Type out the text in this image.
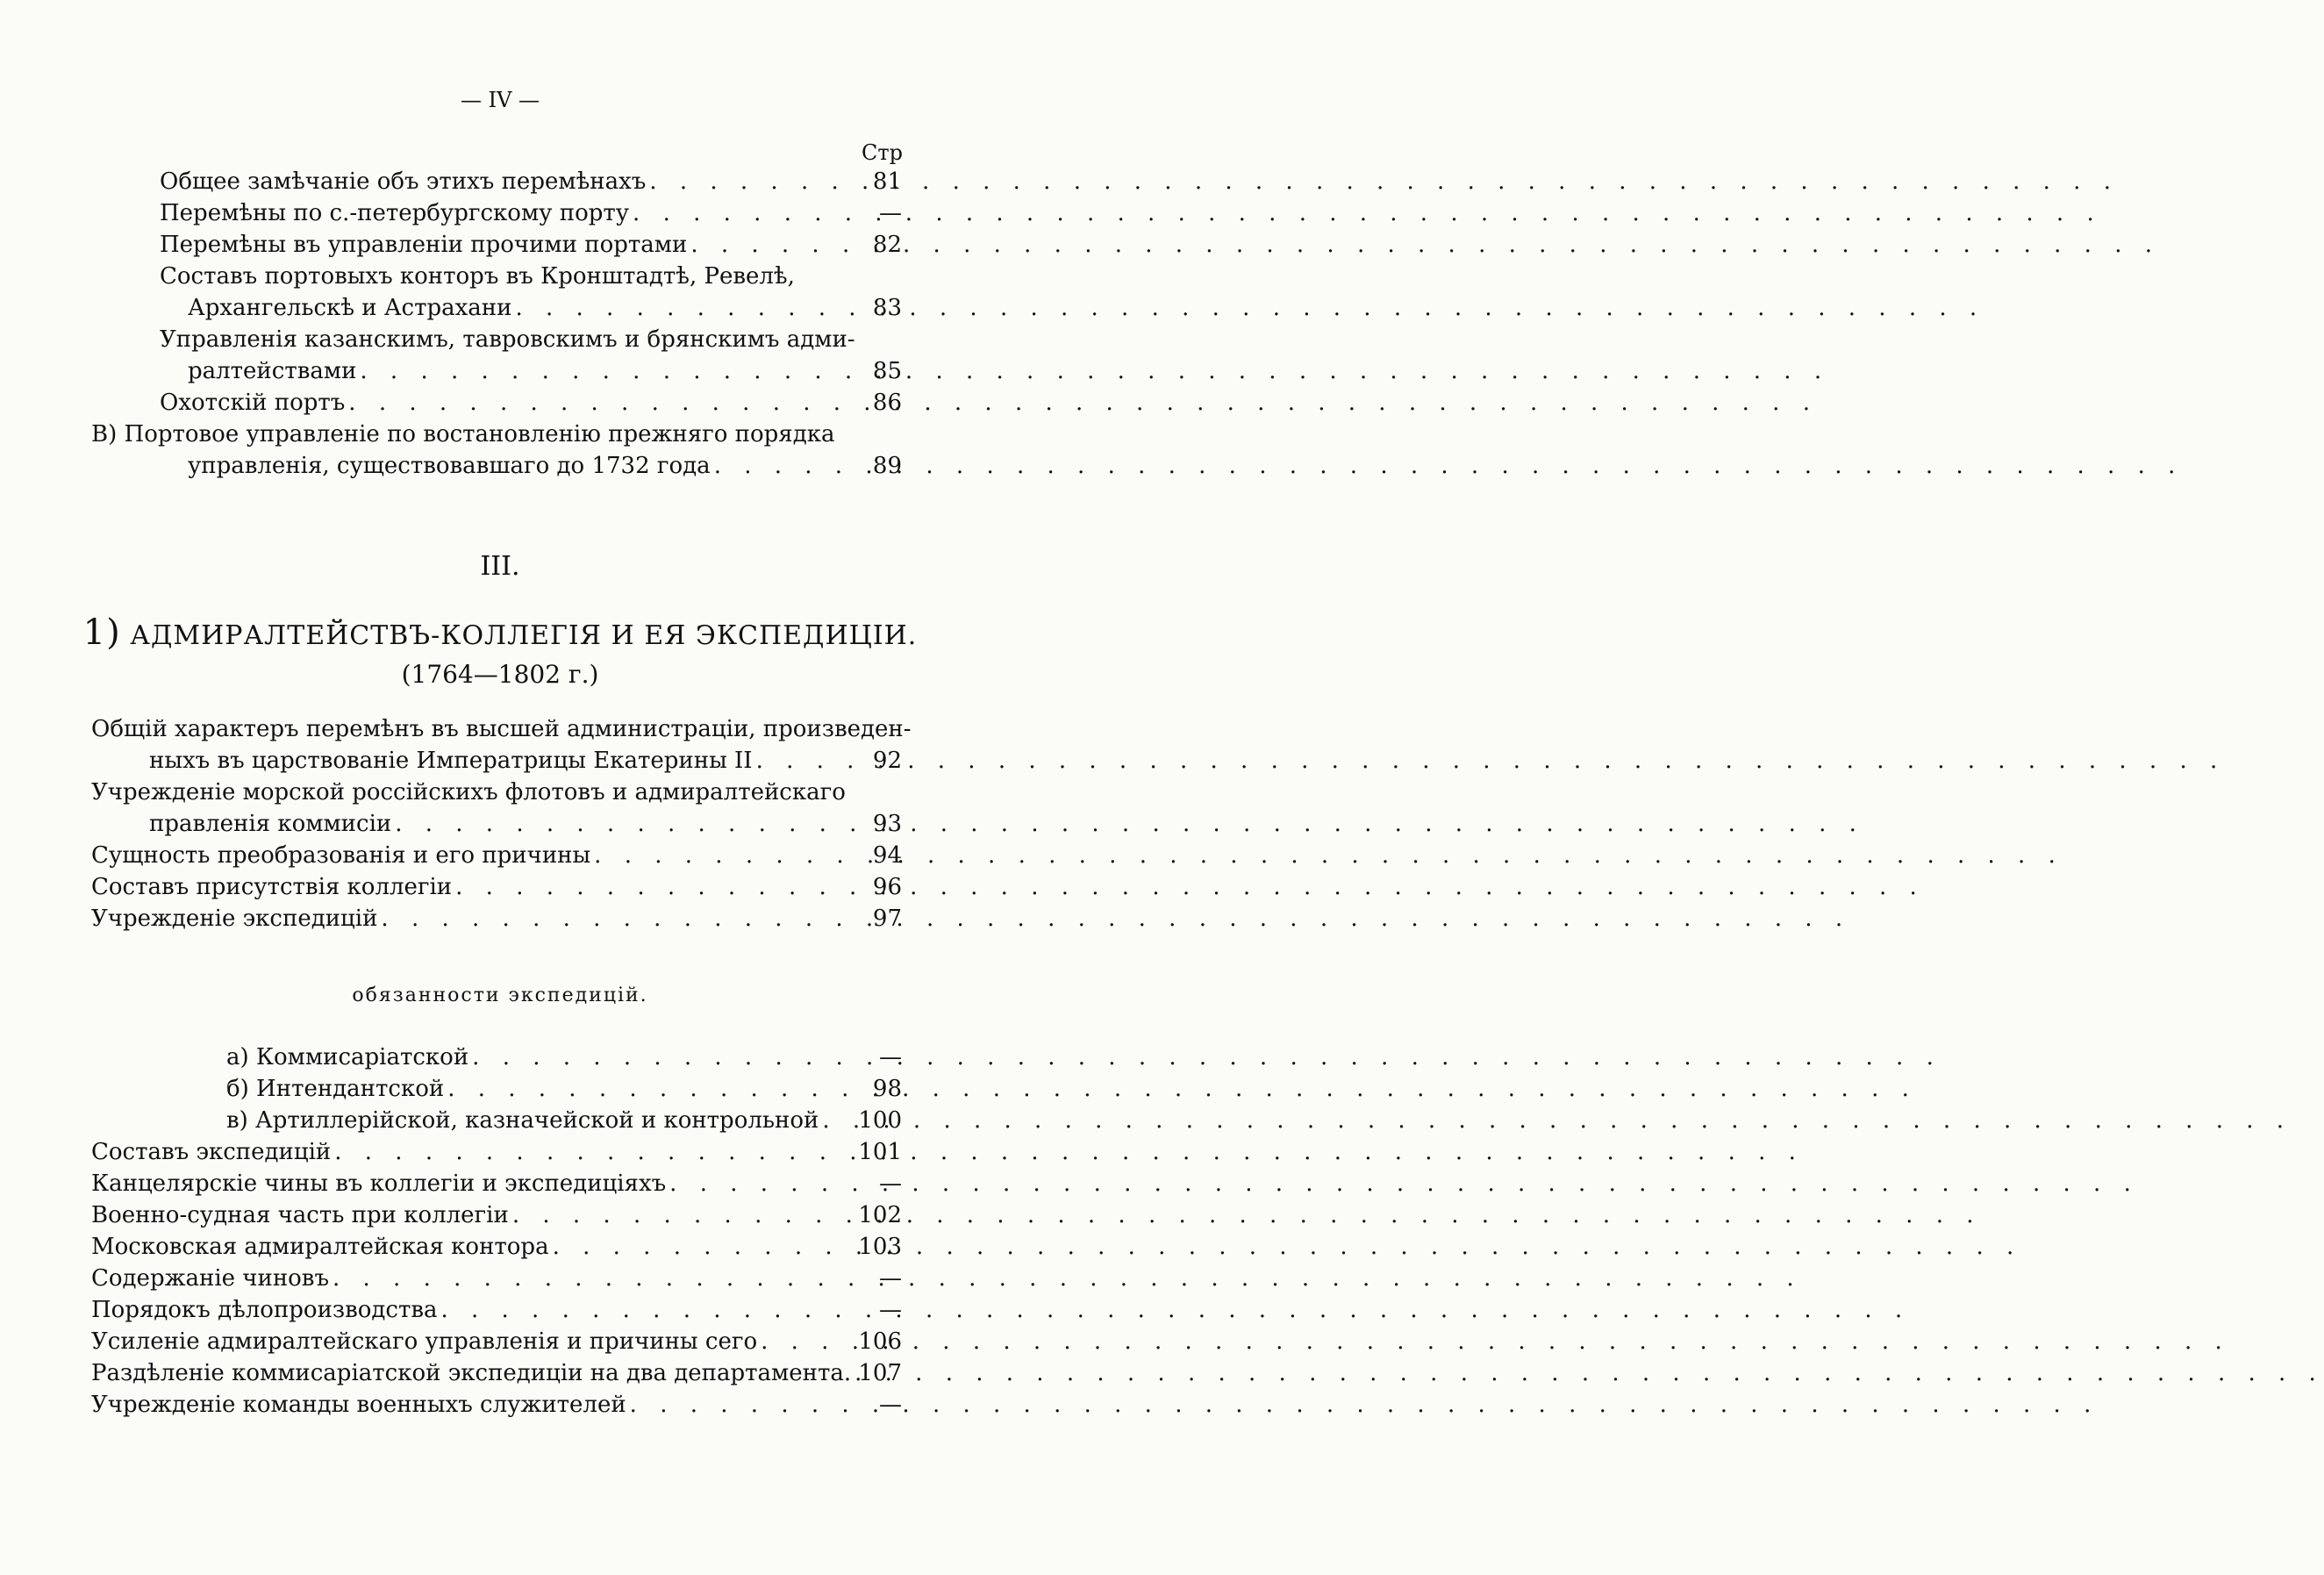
— IV —
Стр
Общее замѣчаніе объ этихъ перемѣнахъ . . .	81
Перемѣны по с.-петербургскому порту . . .	—
Перемѣны въ управленіи прочими портами . . .	82
Составъ портовыхъ конторъ въ Кронштадтѣ, Ревелѣ,
Архангельскѣ и Астрахани . . .	83
Управленія казанскимъ, тавровскимъ и брянскимъ адми-
ралтействами . . .	85
Охотскій портъ . . .	86
В) Портовое управленіе по востановленію прежняго порядка
управленія, существовавшаго до 1732 года . . .	89
III.
1) АДМИРАЛТЕЙСТВЪ-КОЛЛЕГІЯ И ЕЯ ЭКСПЕДИЦІИ.
(1764—1802 г.)
Общій характеръ перемѣнъ въ высшей администраціи, произведен-
ныхъ въ царствованіе Императрицы Екатерины II . . .	92
Учрежденіе морской россійскихъ флотовъ и адмиралтейскаго
правленія коммисіи . . .	93
Сущность преобразованія и его причины . . .	94
Составъ присутствія коллегіи . . .	96
Учрежденіе экспедицій . . .	97
обязанности экспедицій.
а) Коммисаріатской . . .	—
б) Интендантской . . .	98
в) Артиллерійской, казначейской и контрольной . . .	100
Составъ экспедицій . . .	101
Канцелярскіе чины въ коллегіи и экспедиціяхъ . . .	—
Военно-судная часть при коллегіи . . .	102
Московская адмиралтейская контора . . .	103
Содержаніе чиновъ . . .	—
Порядокъ дѣлопроизводства . . .	—
Усиленіе адмиралтейскаго управленія и причины сего . . .	106
Раздѣленіе коммисаріатской экспедиціи на два департамента. . . . 107
Учрежденіе команды военныхъ служителей . . .	—
